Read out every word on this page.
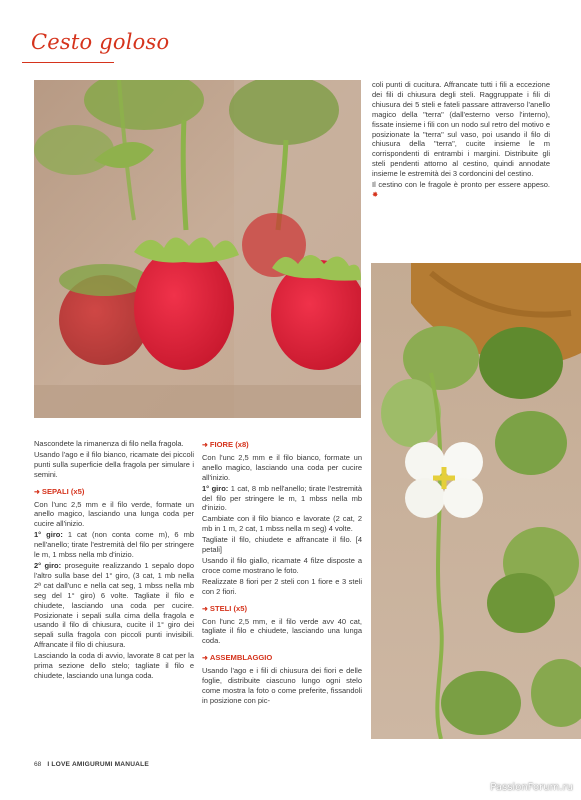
Cesto goloso

coli punti di cucitura. Affrancate tutti i fili a eccezione dei fili di chiusura degli steli. Raggruppate i fili di chiusura dei 5 steli e fateli passare attraverso l'anello magico della "terra" (dall'esterno verso l'interno), fissate insieme i fili con un nodo sul retro del motivo e posizionate la "terra" sul vaso, poi usando il filo di chiusura della "terra", cucite insieme le m corrispondenti di entrambi i margini. Distribuite gli steli pendenti attorno al cestino, quindi annodate insieme le estremità dei 3 cordoncini del cestino.

Il cestino con le fragole è pronto per essere appeso. ✸

Nascondete la rimanenza di filo nella fragola.

Usando l'ago e il filo bianco, ricamate dei piccoli punti sulla superficie della fragola per simulare i semini.

➜ SEPALI (x5)

Con l'unc 2,5 mm e il filo verde, formate un anello magico, lasciando una lunga coda per cucire all'inizio.

1° giro: 1 cat (non conta come m), 6 mb nell'anello; tirate l'estremità del filo per stringere le m, 1 mbss nella mb d'inizio.

2° giro: proseguite realizzando 1 sepalo dopo l'altro sulla base del 1° giro, (3 cat, 1 mb nella 2ª cat dall'unc e nella cat seg, 1 mbss nella mb seg del 1° giro) 6 volte. Tagliate il filo e chiudete, lasciando una coda per cucire. Posizionate i sepali sulla cima della fragola e usando il filo di chiusura, cucite il 1° giro dei sepali sulla fragola con piccoli punti invisibili. Affrancate il filo di chiusura.

Lasciando la coda di avvio, lavorate 8 cat per la prima sezione dello stelo; tagliate il filo e chiudete, lasciando una lunga coda.

➜ FIORE (x8)

Con l'unc 2,5 mm e il filo bianco, formate un anello magico, lasciando una coda per cucire all'inizio.

1° giro: 1 cat, 8 mb nell'anello; tirate l'estremità del filo per stringere le m, 1 mbss nella mb d'inizio.

Cambiate con il filo bianco e lavorate (2 cat, 2 mb in 1 m, 2 cat, 1 mbss nella m seg) 4 volte.

Tagliate il filo, chiudete e affrancate il filo. [4 petali]

Usando il filo giallo, ricamate 4 filze disposte a croce come mostrano le foto.

Realizzate 8 fiori per 2 steli con 1 fiore e 3 steli con 2 fiori.

➜ STELI (x5)

Con l'unc 2,5 mm, e il filo verde avv 40 cat, tagliate il filo e chiudete, lasciando una lunga coda.

➜ ASSEMBLAGGIO

Usando l'ago e i fili di chiusura dei fiori e delle foglie, distribuite ciascuno lungo ogni stelo come mostra la foto o come preferite, fissandoli in posizione con pic-

68 I LOVE AMIGURUMI MANUALE
PassionForum.ru
